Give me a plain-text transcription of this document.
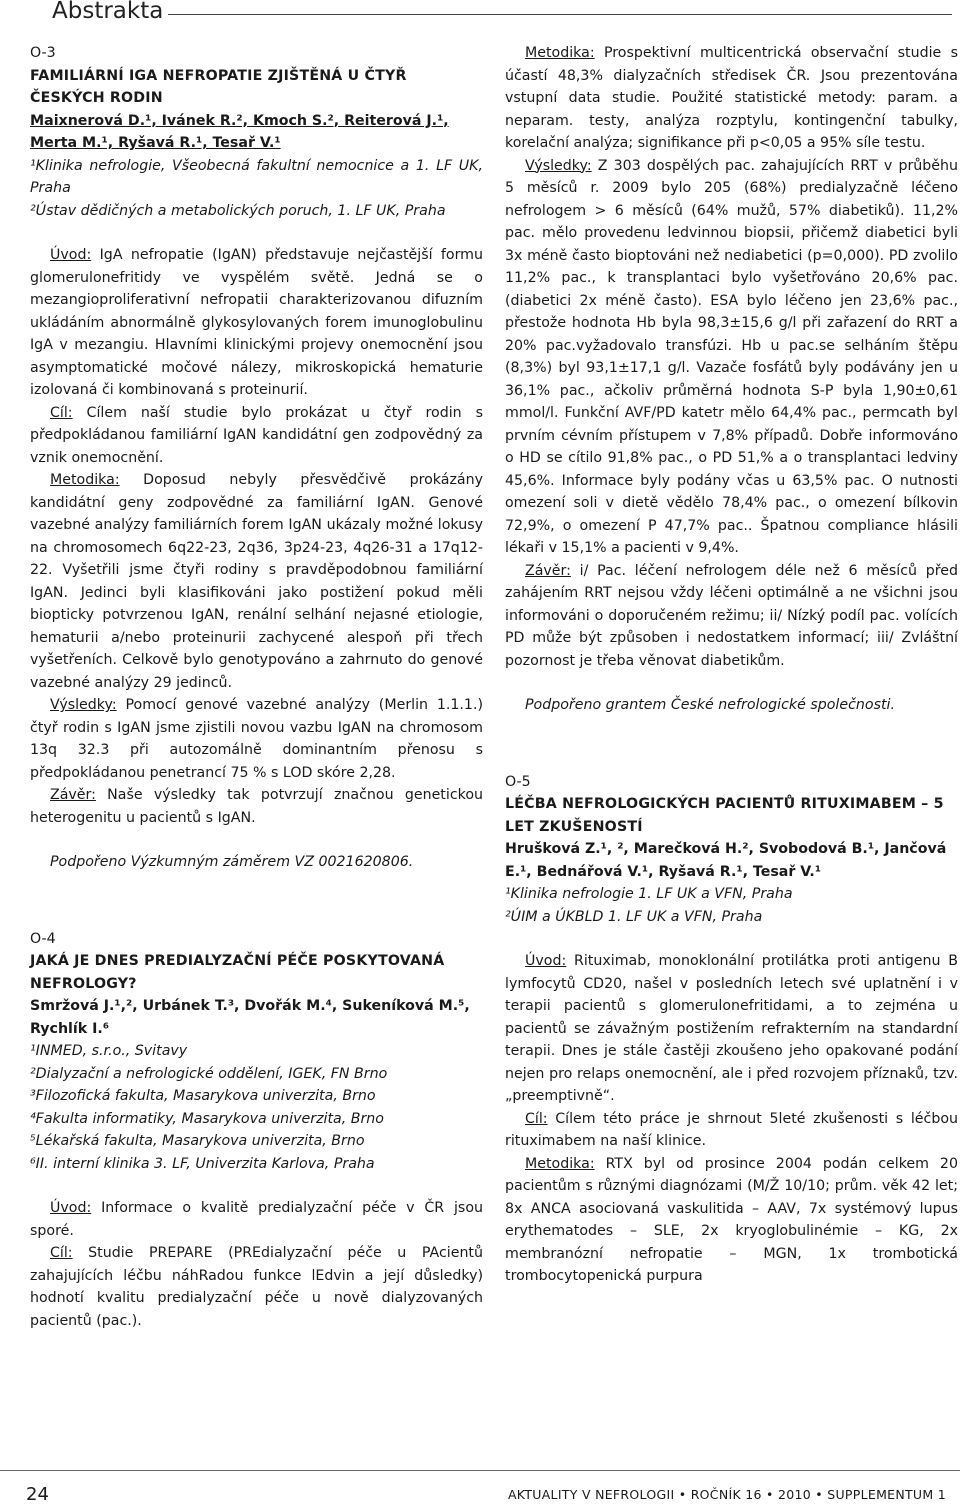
Abstrakta

O-3

FAMILIÁRNÍ IGA NEFROPATIE ZJIŠTĚNÁ U ČTYŘ ČESKÝCH RODIN

Maixnerová D.¹, Ivánek R.², Kmoch S.², Reiterová J.¹, Merta M.¹, Ryšavá R.¹, Tesař V.¹

¹Klinika nefrologie, Všeobecná fakultní nemocnice a 1. LF UK, Praha

²Ústav dědičných a metabolických poruch, 1. LF UK, Praha

Úvod: IgA nefropatie (IgAN) představuje nejčastější formu glomerulonefritidy ve vyspělém světě. Jedná se o mezangioproliferativní nefropatii charakterizovanou difuzním ukládáním abnormálně glykosylovaných forem imunoglobulinu IgA v mezangiu. Hlavními klinickými projevy onemocnění jsou asymptomatické močové nálezy, mikroskopická hematurie izolovaná či kombinovaná s proteinurií.

Cíl: Cílem naší studie bylo prokázat u čtyř rodin s předpokládanou familiární IgAN kandidátní gen zodpovědný za vznik onemocnění.

Metodika: Doposud nebyly přesvědčivě prokázány kandidátní geny zodpovědné za familiární IgAN. Genové vazebné analýzy familiárních forem IgAN ukázaly možné lokusy na chromosomech 6q22-23, 2q36, 3p24-23, 4q26-31 a 17q12-22. Vyšetřili jsme čtyři rodiny s pravděpodobnou familiární IgAN. Jedinci byli klasifikováni jako postižení pokud měli biopticky potvrzenou IgAN, renální selhání nejasné etiologie, hematurii a/nebo proteinurii zachycené alespoň při třech vyšetřeních. Celkově bylo genotypováno a zahrnuto do genové vazebné analýzy 29 jedinců.

Výsledky: Pomocí genové vazebné analýzy (Merlin 1.1.1.) čtyř rodin s IgAN jsme zjistili novou vazbu IgAN na chromosom 13q 32.3 při autozomálně dominantním přenosu s předpokládanou penetrancí 75 % s LOD skóre 2,28.

Závěr: Naše výsledky tak potvrzují značnou genetickou heterogenitu u pacientů s IgAN.

Podpořeno Výzkumným záměrem VZ 0021620806.

O-4

JAKÁ JE DNES PREDIALYZAČNÍ PÉČE POSKYTOVANÁ NEFROLOGY?

Smržová J.¹,², Urbánek T.³, Dvořák M.⁴, Sukeníková M.⁵, Rychlík I.⁶

¹INMED, s.r.o., Svitavy

²Dialyzační a nefrologické oddělení, IGEK, FN Brno

³Filozofická fakulta, Masarykova univerzita, Brno

⁴Fakulta informatiky, Masarykova univerzita, Brno

⁵Lékařská fakulta, Masarykova univerzita, Brno

⁶II. interní klinika 3. LF, Univerzita Karlova, Praha

Úvod: Informace o kvalitě predialyzační péče v ČR jsou sporé.

Cíl: Studie PREPARE (PREdialyzační péče u PAcientů zahajujících léčbu náhRadou funkce lEdvin a její důsledky) hodnotí kvalitu predialyzační péče u nově dialyzovaných pacientů (pac.).

Metodika: Prospektivní multicentrická observační studie s účastí 48,3% dialyzačních středisek ČR. Jsou prezentována vstupní data studie. Použité statistické metody: param. a neparam. testy, analýza rozptylu, kontingenční tabulky, korelační analýza; signifikance při p<0,05 a 95% síle testu.

Výsledky: Z 303 dospělých pac. zahajujících RRT v průběhu 5 měsíců r. 2009 bylo 205 (68%) predialyzačně léčeno nefrologem > 6 měsíců (64% mužů, 57% diabetiků). 11,2% pac. mělo provedenu ledvinnou biopsii, přičemž diabetici byli 3x méně často bioptováni než nediabetici (p=0,000). PD zvolilo 11,2% pac., k transplantaci bylo vyšetřováno 20,6% pac. (diabetici 2x méně často). ESA bylo léčeno jen 23,6% pac., přestože hodnota Hb byla 98,3±15,6 g/l při zařazení do RRT a 20% pac.vyžadovalo transfúzi. Hb u pac.se selháním štěpu (8,3%) byl 93,1±17,1 g/l. Vazače fosfátů byly podávány jen u 36,1% pac., ačkoliv průměrná hodnota S-P byla 1,90±0,61 mmol/l. Funkční AVF/PD katetr mělo 64,4% pac., permcath byl prvním cévním přístupem v 7,8% případů. Dobře informováno o HD se cítilo 91,8% pac., o PD 51,% a o transplantaci ledviny 45,6%. Informace byly podány včas u 63,5% pac. O nutnosti omezení soli v dietě vědělo 78,4% pac., o omezení bílkovin 72,9%, o omezení P 47,7% pac.. Špatnou compliance hlásili lékaři v 15,1% a pacienti v 9,4%.

Závěr: i/ Pac. léčení nefrologem déle než 6 měsíců před zahájením RRT nejsou vždy léčeni optimálně a ne všichni jsou informováni o doporučeném režimu; ii/ Nízký podíl pac. volících PD může být způsoben i nedostatkem informací; iii/ Zvláštní pozornost je třeba věnovat diabetikům.

Podpořeno grantem České nefrologické společnosti.

O-5

LÉČBA NEFROLOGICKÝCH PACIENTŮ RITUXIMABEM – 5 LET ZKUŠENOSTÍ

Hrušková Z.¹, ², Marečková H.², Svobodová B.¹, Jančová E.¹, Bednářová V.¹, Ryšavá R.¹, Tesař V.¹

¹Klinika nefrologie 1. LF UK a VFN, Praha

²ÚIM a ÚKBLD 1. LF UK a VFN, Praha

Úvod: Rituximab, monoklonální protilátka proti antigenu B lymfocytů CD20, našel v posledních letech své uplatnění i v terapii pacientů s glomerulonefritidami, a to zejména u pacientů se závažným postižením refrakterním na standardní terapii. Dnes je stále častěji zkoušeno jeho opakované podání nejen pro relaps onemocnění, ale i před rozvojem příznaků, tzv. „preemptivně“.

Cíl: Cílem této práce je shrnout 5leté zkušenosti s léčbou rituximabem na naší klinice.

Metodika: RTX byl od prosince 2004 podán celkem 20 pacientům s různými diagnózami (M/Ž 10/10; prům. věk 42 let; 8x ANCA asociovaná vaskulitida – AAV, 7x systémový lupus erythematodes – SLE, 2x kryoglobulinémie – KG, 2x membranózní nefropatie – MGN, 1x trombotická trombocytopenická purpura

24	AKTUALITY V NEFROLOGII • ROČNÍK 16 • 2010 • SUPPLEMENTUM 1
